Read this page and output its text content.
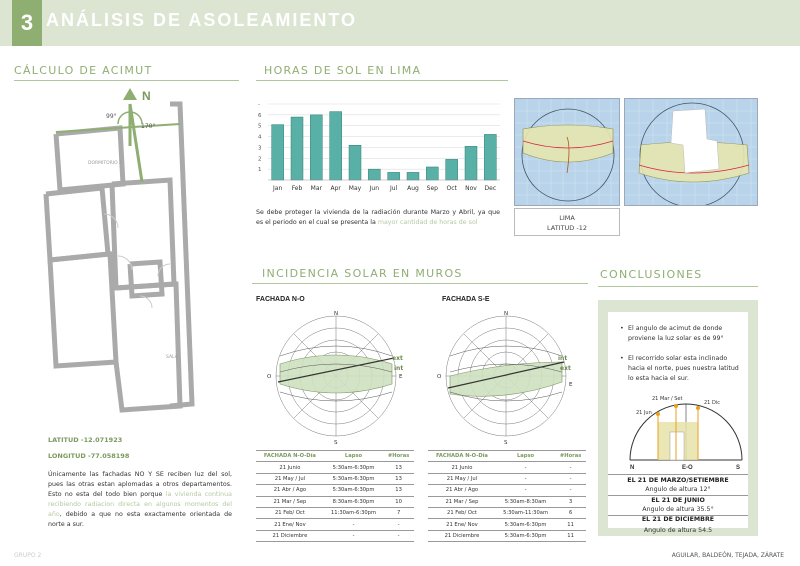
3 ANÁLISIS DE ASOLEAMIENTO
CÁLCULO DE ACIMUT
N
99°
170°
DORMITORIO 2
SALA
LATITUD -12.071923
LONGITUD -77.058198
Únicamente las fachadas NO Y SE reciben luz del sol, pues las otras estan aplomadas a otros departamentos. Esto no esta del todo bien porque la vivienda continua recibiendo radiacion directa en algunos momentos del año, debido a que no esta exactamente orientada de norte a sur.
HORAS DE SOL EN LIMA
1
2
3
4
5
6
-
Jan Feb Mar Apr May Jun Jul Aug Sep Oct Nov Dec
Se debe proteger la vivienda de la radiación durante Marzo y Abril, ya que es el periodo en el cual se presenta la mayor cantidad de horas de sol
LIMA
LATITUD -12
INCIDENCIA SOLAR EN MUROS
FACHADA N-O	FACHADA S-E
N
S
O	E
ext
int
N
S
O
E
int
ext
FACHADA N-O-Día	Lapso	#Horas
21 Junio	5:30am-6:30pm	13
21 May / Jul	5:30am-6:30pm	13
21 Abr / Ago	5:30am-6:30pm	13
21 Mar / Sep	8:30am-6:30pm	10
21 Feb/ Oct	11:30am-6:30pm	7
21 Ene/ Nov	-	-
21 Diciembre	-	-
FACHADA N-O-Día	Lapso	#Horas
21 Junio	-	-
21 May / Jul	-	-
21 Abr / Ago	-	-
21 Mar / Sep	5:30am-8:30am	3
21 Feb/ Oct	5:30am-11:30am	6
21 Ene/ Nov	5:30am-6:30pm	11
21 Diciembre	5:30am-6:30pm	11
CONCLUSIONES
• El angulo de acimut de donde proviene la luz solar es de 99°
• El recorrido solar esta inclinado hacia el norte, pues nuestra latitud lo esta hacia el sur.
21 Mar / Set
21 Jun
21 Dic
N	E-O	S
EL 21 DE MARZO/SETIEMBRE
Angulo de altura 12°
EL 21 DE JUNIO
Angulo de altura 35.5°
EL 21 DE DICIEMBRE
Angulo de altura 54.5
GRUPO 2	AGUILAR, BALDEÓN, TEJADA, ZÁRATE
